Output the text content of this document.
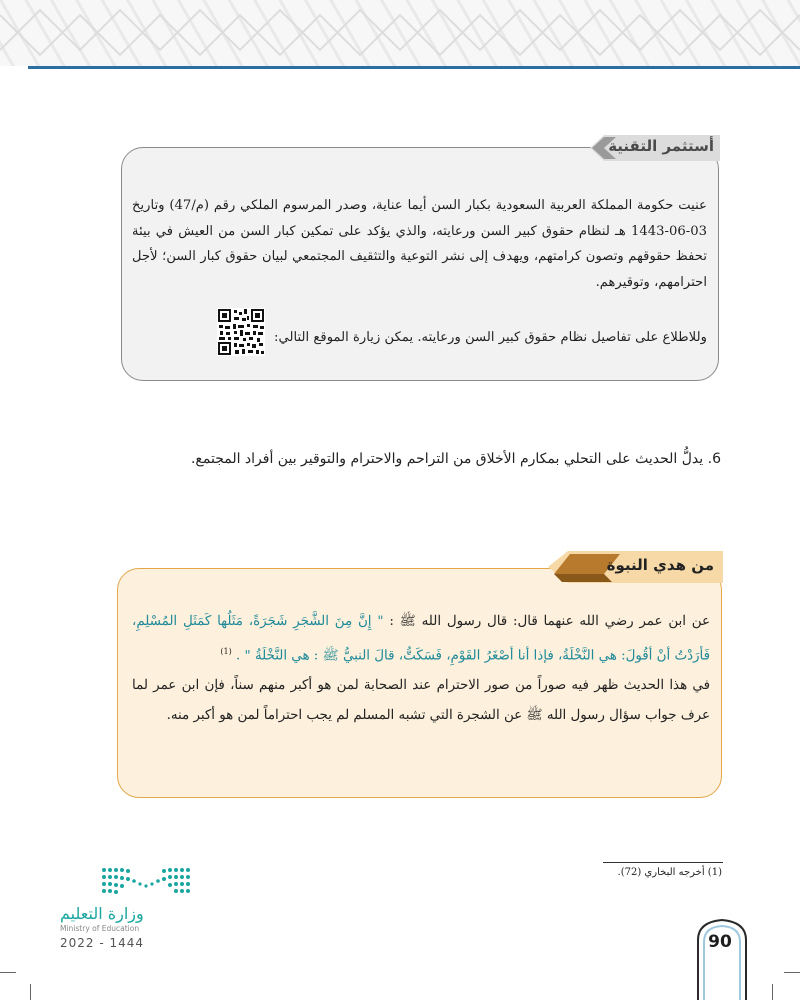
أستثمر التقنية

عنيت حكومة المملكة العربية السعودية بكبار السن أيما عناية، وصدر المرسوم الملكي رقم (م/47) وتاريخ 03-06-1443 هـ لنظام حقوق كبير السن ورعايته، والذي يؤكد على تمكين كبار السن من العيش في بيئة تحفظ حقوقهم وتصون كرامتهم، ويهدف إلى نشر التوعية والتثقيف المجتمعي لبيان حقوق كبار السن؛ لأجل احترامهم، وتوقيرهم.

وللاطلاع على تفاصيل نظام حقوق كبير السن ورعايته. يمكن زيارة الموقع التالي:
6. يدلُّ الحديث على التحلي بمكارم الأخلاق من التراحم والاحترام والتوقير بين أفراد المجتمع.
من هدي النبوة

عن ابن عمر رضي الله عنهما قال: قال رسول الله ﷺ : " إِنَّ مِنَ الشَّجَرِ شَجَرَةً، مَثَلُها كَمَثَلِ المُسْلِمِ، فَأرَدْتُ أنْ أقُولَ: هي النَّخْلَةُ، فإذا أنا أصْغَرُ القَوْمِ، فَسَكَتُّ، قالَ النبيُّ ﷺ : هي النَّخْلَةُ " . $^{(1)}$

في هذا الحديث ظهر فيه صوراً من صور الاحترام عند الصحابة لمن هو أكبر منهم سناً، فإن ابن عمر لما عرف جواب سؤال رسول الله ﷺ عن الشجرة التي تشبه المسلم لم يجب احتراماً لمن هو أكبر منه.

(1) أخرجه البخاري (72).
وزارة التعليم
Ministry of Education
2022 - 1444	90
